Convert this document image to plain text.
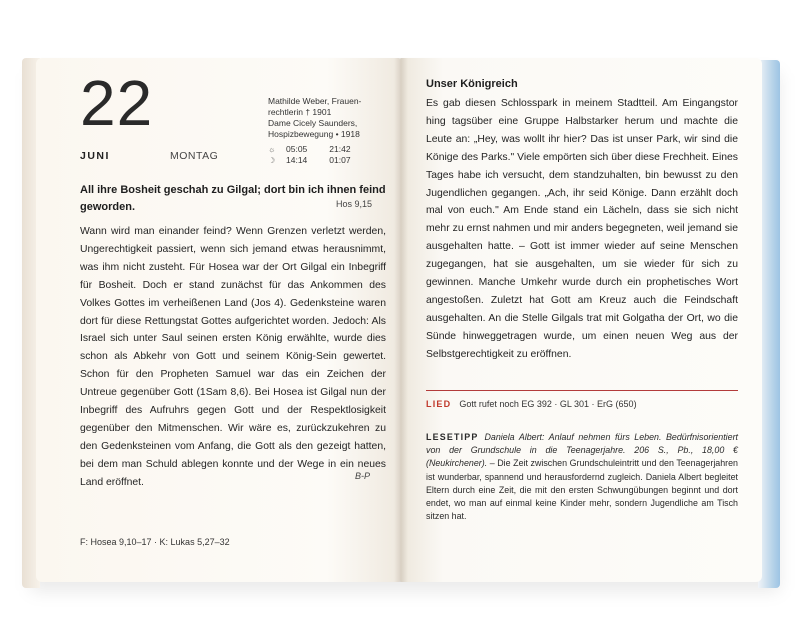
22	Mathilde Weber, Frauen-
rechtlerin † 1901
Dame Cicely Saunders,
Hospizbewegung • 1918
JUNI	MONTAG
☼	05:05	21:42
☽	14:14	01:07
All ihre Bosheit geschah zu Gilgal; dort bin ich ihnen feind geworden.	Hos 9,15
Wann wird man einander feind? Wenn Grenzen verletzt werden, Ungerechtigkeit passiert, wenn sich jemand etwas herausnimmt, was ihm nicht zusteht. Für Hosea war der Ort Gilgal ein Inbegriff für Bosheit. Doch er stand zunächst für das Ankommen des Volkes Gottes im verheißenen Land (Jos 4). Gedenksteine waren dort für diese Rettungstat Gottes aufgerichtet worden. Jedoch: Als Israel sich unter Saul seinen ersten König erwählte, wurde dies schon als Abkehr von Gott und seinem König-Sein gewertet. Schon für den Propheten Samuel war das ein Zeichen der Untreue gegenüber Gott (1Sam 8,6). Bei Hosea ist Gilgal nun der Inbegriff des Aufruhrs gegen Gott und der Respektlosigkeit gegenüber den Mitmenschen. Wir wäre es, zurückzukehren zu den Gedenksteinen vom Anfang, die Gott als den gezeigt hatten, bei dem man Schuld ablegen konnte und der Wege in ein neues Land eröffnet.
B-P
F: Hosea 9,10–17 · K: Lukas 5,27–32
Unser Königreich
Es gab diesen Schlosspark in meinem Stadtteil. Am Eingangstor hing tagsüber eine Gruppe Halbstarker herum und machte die Leute an: „Hey, was wollt ihr hier? Das ist unser Park, wir sind die Könige des Parks." Viele empörten sich über diese Frechheit. Eines Tages habe ich versucht, dem standzuhalten, bin bewusst zu den Jugendlichen gegangen. „Ach, ihr seid Könige. Dann erzählt doch mal von euch." Am Ende stand ein Lächeln, dass sie sich nicht mehr zu ernst nahmen und mir anders begegneten, weil jemand sie ausgehalten hatte. – Gott ist immer wieder auf seine Menschen zugegangen, hat sie ausgehalten, um sie wieder für sich zu gewinnen. Manche Umkehr wurde durch ein prophetisches Wort angestoßen. Zuletzt hat Gott am Kreuz auch die Feindschaft ausgehalten. An die Stelle Gilgals trat mit Golgatha der Ort, wo die Sünde hinweggetragen wurde, um einen neuen Weg aus der Selbstgerechtigkeit zu eröffnen.
LIED Gott rufet noch EG 392 · GL 301 · ErG (650)
LESETIPP Daniela Albert: Anlauf nehmen fürs Leben. Bedürfnisorientiert von der Grundschule in die Teenagerjahre. 206 S., Pb., 18,00 € (Neukirchener). – Die Zeit zwischen Grundschuleintritt und den Teenagerjahren ist wunderbar, spannend und herausfordernd zugleich. Daniela Albert begleitet Eltern durch eine Zeit, die mit den ersten Schwungübungen beginnt und dort endet, wo man auf einmal keine Kinder mehr, sondern Jugendliche am Tisch sitzen hat.
